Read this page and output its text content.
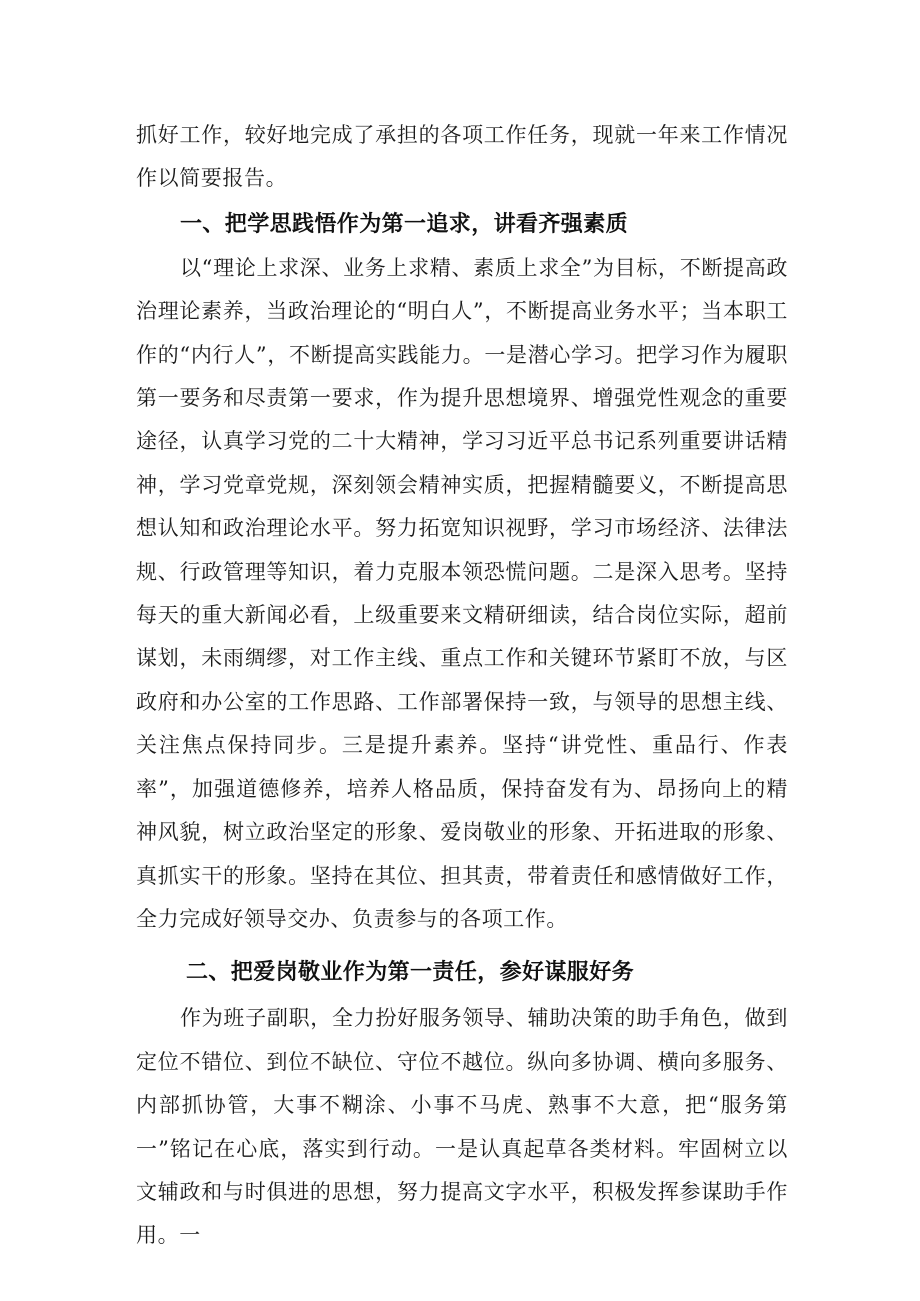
抓好工作，较好地完成了承担的各项工作任务，现就一年来工作情况作以简要报告。

一、把学思践悟作为第一追求，讲看齐强素质

以“理论上求深、业务上求精、素质上求全”为目标，不断提高政治理论素养，当政治理论的“明白人”，不断提高业务水平；当本职工作的“内行人”，不断提高实践能力。一是潜心学习。把学习作为履职第一要务和尽责第一要求，作为提升思想境界、增强党性观念的重要途径，认真学习党的二十大精神，学习习近平总书记系列重要讲话精神，学习党章党规，深刻领会精神实质，把握精髓要义，不断提高思想认知和政治理论水平。努力拓宽知识视野，学习市场经济、法律法规、行政管理等知识，着力克服本领恐慌问题。二是深入思考。坚持每天的重大新闻必看，上级重要来文精研细读，结合岗位实际，超前谋划，未雨绸缪，对工作主线、重点工作和关键环节紧盯不放，与区政府和办公室的工作思路、工作部署保持一致，与领导的思想主线、关注焦点保持同步。三是提升素养。坚持“讲党性、重品行、作表率”，加强道德修养，培养人格品质，保持奋发有为、昂扬向上的精神风貌，树立政治坚定的形象、爱岗敬业的形象、开拓进取的形象、真抓实干的形象。坚持在其位、担其责，带着责任和感情做好工作，全力完成好领导交办、负责参与的各项工作。

二、把爱岗敬业作为第一责任，参好谋服好务

作为班子副职，全力扮好服务领导、辅助决策的助手角色，做到定位不错位、到位不缺位、守位不越位。纵向多协调、横向多服务、内部抓协管，大事不糊涂、小事不马虎、熟事不大意，把“服务第一”铭记在心底，落实到行动。一是认真起草各类材料。牢固树立以文辅政和与时俱进的思想，努力提高文字水平，积极发挥参谋助手作用。一
